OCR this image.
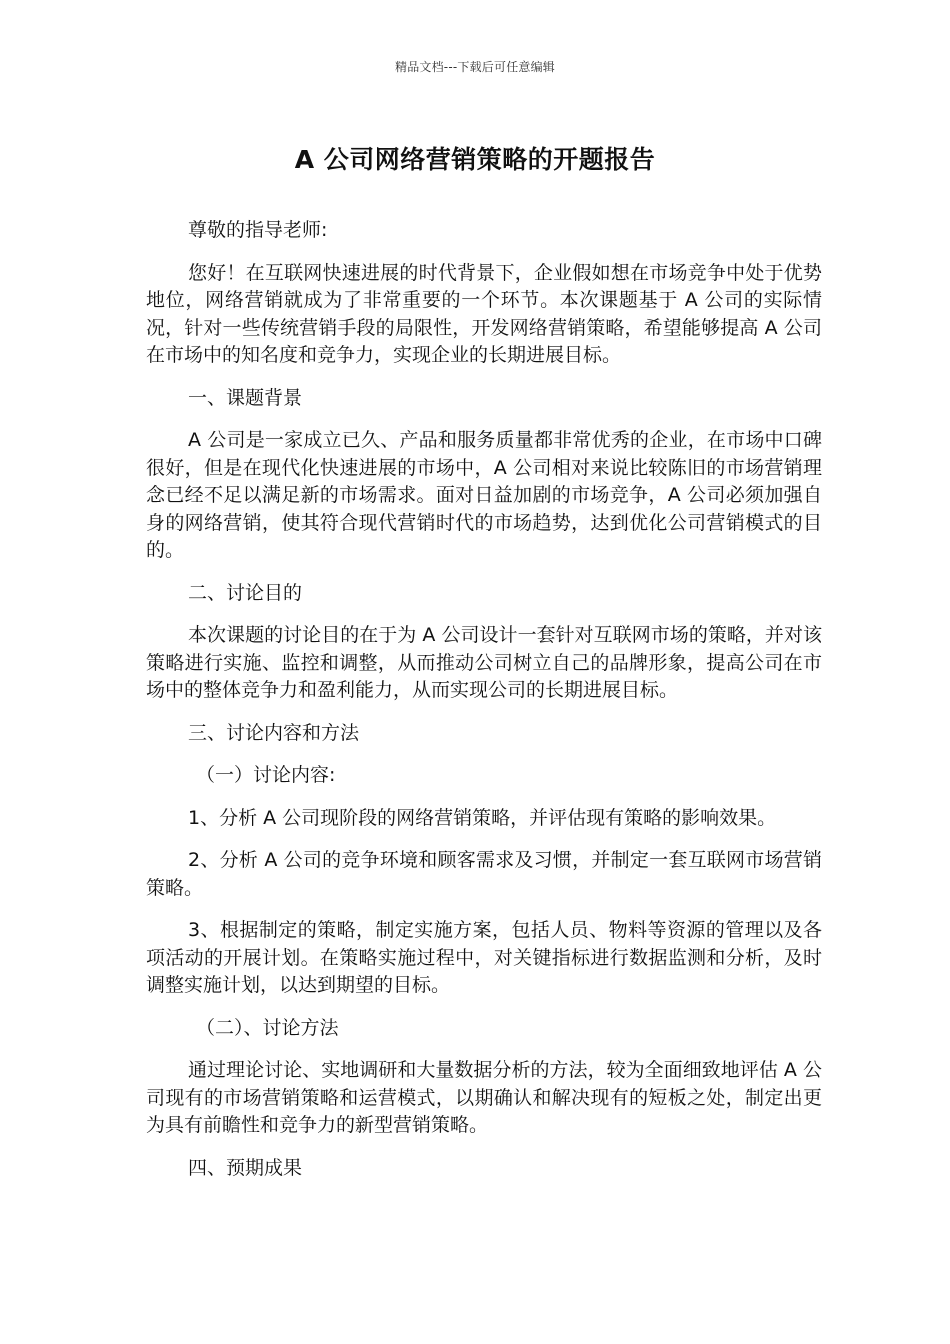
精品文档---下载后可任意编辑
A 公司网络营销策略的开题报告

尊敬的指导老师:

您好！在互联网快速进展的时代背景下，企业假如想在市场竞争中处于优势地位，网络营销就成为了非常重要的一个环节。本次课题基于 A 公司的实际情况，针对一些传统营销手段的局限性，开发网络营销策略，希望能够提高 A 公司在市场中的知名度和竞争力，实现企业的长期进展目标。

一、课题背景

A 公司是一家成立已久、产品和服务质量都非常优秀的企业，在市场中口碑很好，但是在现代化快速进展的市场中，A 公司相对来说比较陈旧的市场营销理念已经不足以满足新的市场需求。面对日益加剧的市场竞争，A 公司必须加强自身的网络营销，使其符合现代营销时代的市场趋势，达到优化公司营销模式的目的。

二、讨论目的

本次课题的讨论目的在于为 A 公司设计一套针对互联网市场的策略，并对该策略进行实施、监控和调整，从而推动公司树立自己的品牌形象，提高公司在市场中的整体竞争力和盈利能力，从而实现公司的长期进展目标。

三、讨论内容和方法

（一）讨论内容:

1、分析 A 公司现阶段的网络营销策略，并评估现有策略的影响效果。

2、分析 A 公司的竞争环境和顾客需求及习惯，并制定一套互联网市场营销策略。

3、根据制定的策略，制定实施方案，包括人员、物料等资源的管理以及各项活动的开展计划。在策略实施过程中，对关键指标进行数据监测和分析，及时调整实施计划，以达到期望的目标。

（二）、讨论方法

通过理论讨论、实地调研和大量数据分析的方法，较为全面细致地评估 A 公司现有的市场营销策略和运营模式，以期确认和解决现有的短板之处，制定出更为具有前瞻性和竞争力的新型营销策略。

四、预期成果
